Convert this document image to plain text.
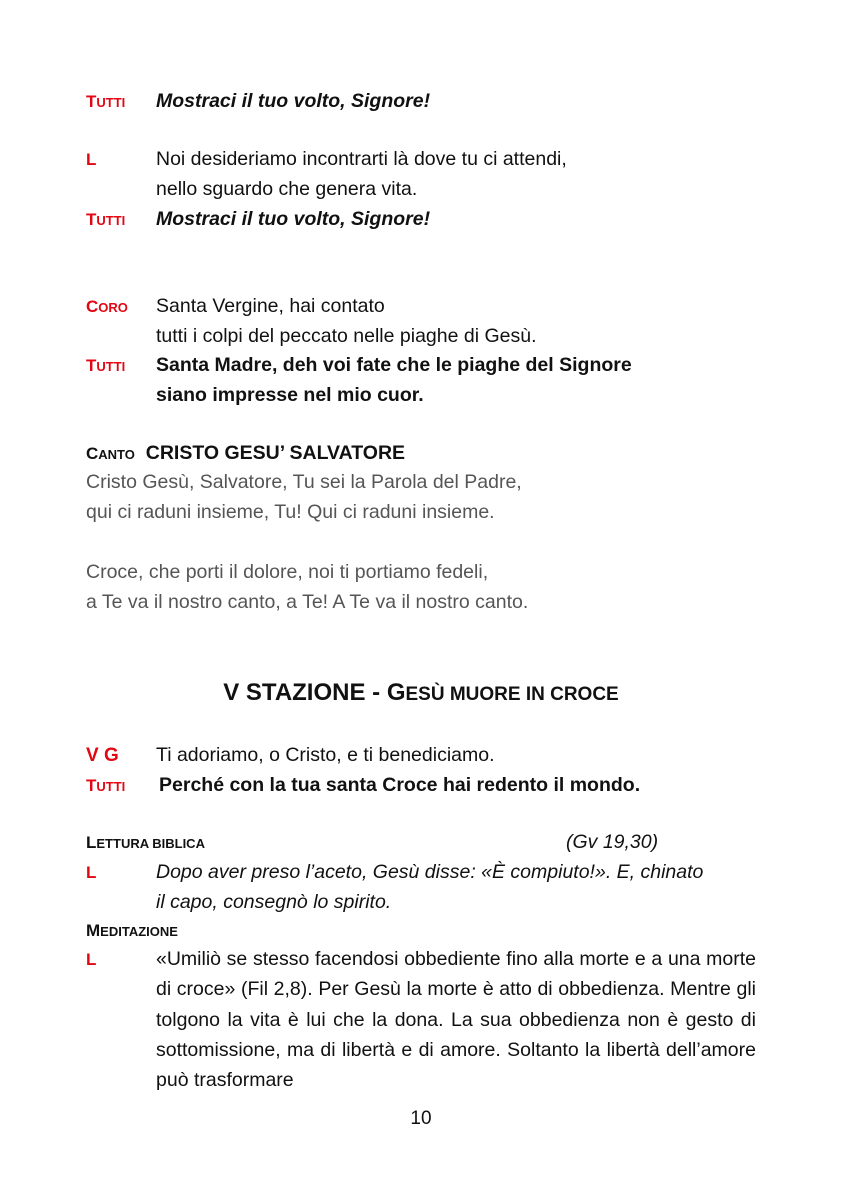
TUTTI Mostraci il tuo volto, Signore!
L	Noi desideriamo incontrarti là dove tu ci attendi,
nello sguardo che genera vita.
TUTTI Mostraci il tuo volto, Signore!
CORO Santa Vergine, hai contato
tutti i colpi del peccato nelle piaghe di Gesù.
TUTTI Santa Madre, deh voi fate che le piaghe del Signore
siano impresse nel mio cuor.
CANTO CRISTO GESU’ SALVATORE
Cristo Gesù, Salvatore, Tu sei la Parola del Padre,
qui ci raduni insieme, Tu! Qui ci raduni insieme.
Croce, che porti il dolore, noi ti portiamo fedeli,
a Te va il nostro canto, a Te! A Te va il nostro canto.
V STAZIONE - GESÙ MUORE IN CROCE
V G Ti adoriamo, o Cristo, e ti benediciamo.
TUTTI Perché con la tua santa Croce hai redento il mondo.
LETTURA BIBLICA	(Gv 19,30)
L	Dopo aver preso l’aceto, Gesù disse: «È compiuto!». E, chinato
il capo, consegnò lo spirito.
MEDITAZIONE
L	«Umiliò se stesso facendosi obbediente fino alla morte e a una morte di croce» (Fil 2,8). Per Gesù la morte è atto di obbedienza. Mentre gli tolgono la vita è lui che la dona. La sua obbedienza non è gesto di sottomissione, ma di libertà e di amore. Soltanto la libertà dell’amore può trasformare
10
